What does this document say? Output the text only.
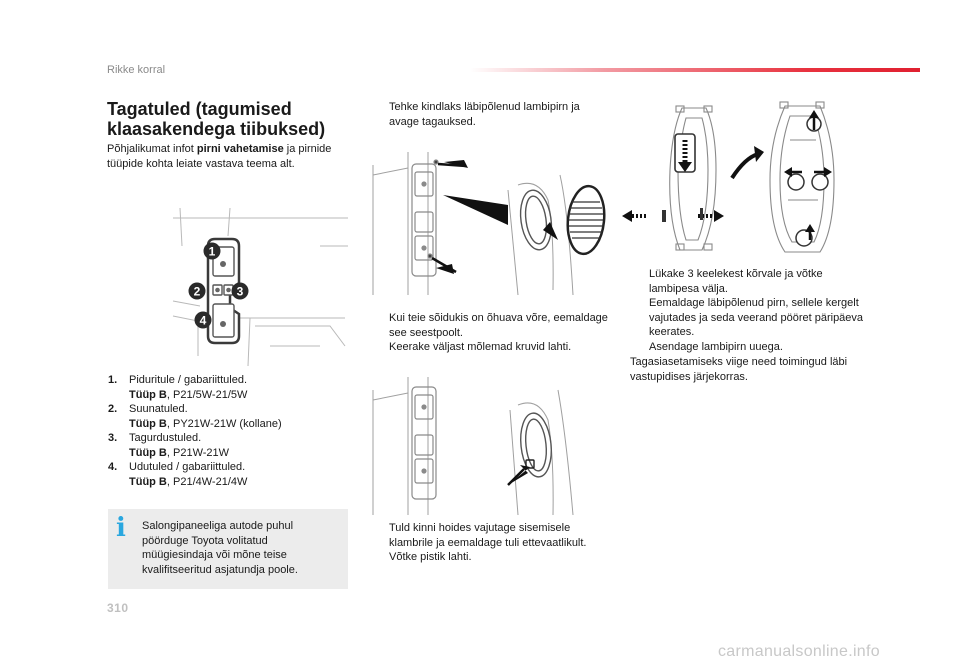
Rikke korral
Tagatuled (tagumised klaasakendega tiibuksed)

Põhjalikumat infot pirni vahetamise ja pirnide tüüpide kohta leiate vastava teema alt.

1
2	3
4
1.	Piduritule / gabariittuled.
Tüüp B, P21/5W-21/5W
2.	Suunatuled.
Tüüp B, PY21W-21W (kollane)
3.	Tagurdustuled.
Tüüp B, P21W-21W
4.	Udutuled / gabariittuled.
Tüüp B, P21/4W-21/4W
i	Salongipaneeliga autode puhul pöörduge Toyota volitatud müügiesindaja või mõne teise kvalifitseeritud asjatundja poole.

Tehke kindlaks läbipõlenud lambipirn ja avage tagauksed.
Kui teie sõidukis on õhuava võre, eemaldage see seestpoolt.
Keerake väljast mõlemad kruvid lahti.
Tuld kinni hoides vajutage sisemisele klambrile ja eemaldage tuli ettevaatlikult.
Võtke pistik lahti.
Lükake 3 keelekest kõrvale ja võtke lambipesa välja.
Eemaldage läbipõlenud pirn, sellele kergelt vajutades ja seda veerand pööret päripäeva keerates.
Asendage lambipirn uuega.

Tagasiasetamiseks viige need toimingud läbi vastupidises järjekorras.

310
carmanualsonline.info
